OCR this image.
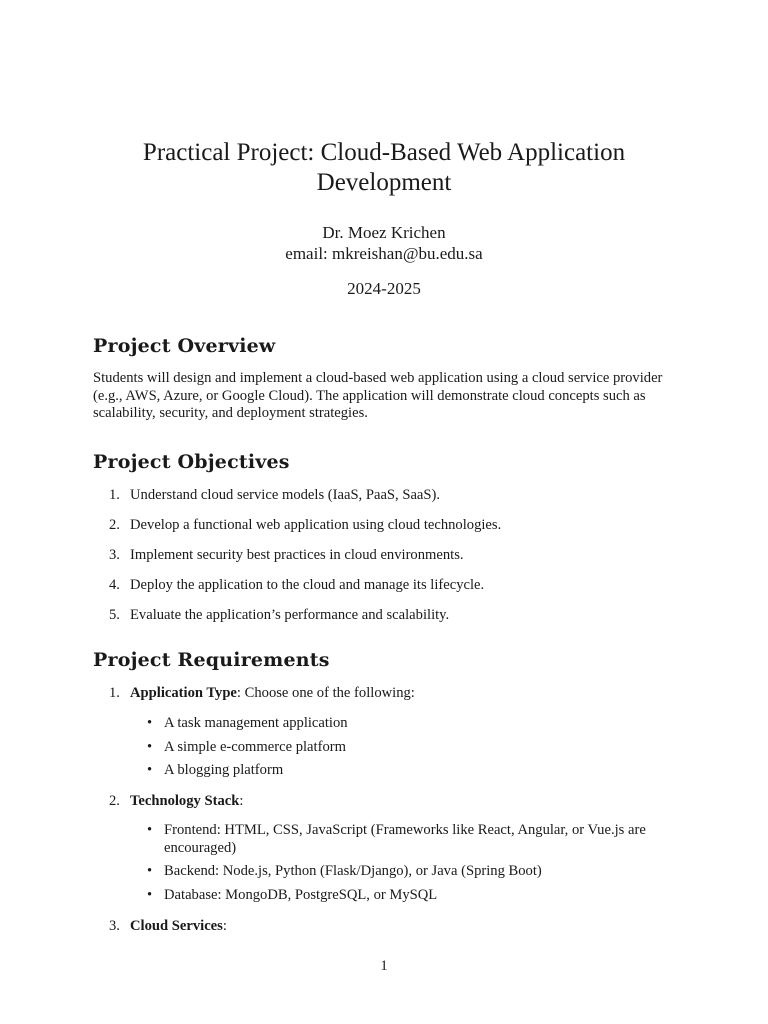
Practical Project: Cloud-Based Web Application
Development
Dr. Moez Krichen
email: mkreishan@bu.edu.sa
2024-2025
Project Overview

Students will design and implement a cloud-based web application using a cloud service provider (e.g., AWS, Azure, or Google Cloud). The application will demonstrate cloud concepts such as scalability, security, and deployment strategies.

Project Objectives
1. Understand cloud service models (IaaS, PaaS, SaaS).
2. Develop a functional web application using cloud technologies.
3. Implement security best practices in cloud environments.
4. Deploy the application to the cloud and manage its lifecycle.
5. Evaluate the application’s performance and scalability.
Project Requirements
1. Application Type: Choose one of the following:
• A task management application
• A simple e-commerce platform
• A blogging platform
2. Technology Stack:
• Frontend: HTML, CSS, JavaScript (Frameworks like React, Angular, or Vue.js are encouraged)
• Backend: Node.js, Python (Flask/Django), or Java (Spring Boot)
• Database: MongoDB, PostgreSQL, or MySQL
3. Cloud Services:
1
